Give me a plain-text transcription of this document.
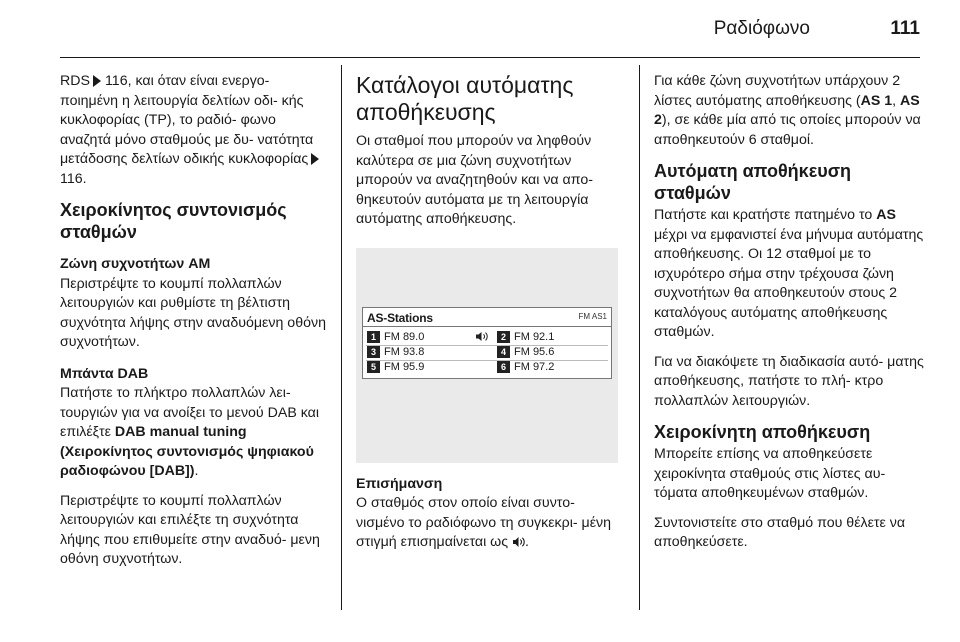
Ραδιόφωνο	111

RDS 116, και όταν είναι ενεργο- ποιημένη η λειτουργία δελτίων οδι- κής κυκλοφορίας (TP), το ραδιό- φωνο αναζητά μόνο σταθμούς με δυ- νατότητα μετάδοσης δελτίων οδικής κυκλοφορίας116.

Χειροκίνητος συντονισμός σταθμών

Ζώνη συχνοτήτων AM
Περιστρέψτε το κουμπί πολλαπλών λειτουργιών και ρυθμίστε τη βέλτιστη συχνότητα λήψης στην αναδυόμενη οθόνη συχνοτήτων.

Μπάντα DAB
Πατήστε το πλήκτρο πολλαπλών λει- τουργιών για να ανοίξει το μενού DAB και επιλέξτε DAB manual tuning (Χειροκίνητος συντονισμός ψηφιακού ραδιοφώνου [DAB]).

Περιστρέψτε το κουμπί πολλαπλών λειτουργιών και επιλέξτε τη συχνότητα λήψης που επιθυμείτε στην αναδυό- μενη οθόνη συχνοτήτων.

Κατάλογοι αυτόματης αποθήκευσης

Οι σταθμοί που μπορούν να ληφθούν καλύτερα σε μια ζώνη συχνοτήτων μπορούν να αναζητηθούν και να απο- θηκευτούν αυτόματα με τη λειτουργία αυτόματης αποθήκευσης.

AS-Stations	FM AS1
1 FM 89.0	2 FM 92.1
3 FM 93.8	4 FM 95.6
5 FM 95.9	6 FM 97.2

Επισήμανση
Ο σταθμός στον οποίο είναι συντο- νισμένο το ραδιόφωνο τη συγκεκρι- μένη στιγμή επισημαίνεται ως .

Για κάθε ζώνη συχνοτήτων υπάρχουν 2 λίστες αυτόματης αποθήκευσης (AS 1, AS 2), σε κάθε μία από τις οποίες μπορούν να αποθηκευτούν 6 σταθμοί.

Αυτόματη αποθήκευση σταθμών

Πατήστε και κρατήστε πατημένο το AS μέχρι να εμφανιστεί ένα μήνυμα αυτόματης αποθήκευσης. Οι 12 σταθμοί με το ισχυρότερο σήμα στην τρέχουσα ζώνη συχνοτήτων θα αποθηκευτούν στους 2 καταλόγους αυτόματης αποθήκευσης σταθμών.

Για να διακόψετε τη διαδικασία αυτό- ματης αποθήκευσης, πατήστε το πλή- κτρο πολλαπλών λειτουργιών.

Χειροκίνητη αποθήκευση

Μπορείτε επίσης να αποθηκεύσετε χειροκίνητα σταθμούς στις λίστες αυ- τόματα αποθηκευμένων σταθμών.

Συντονιστείτε στο σταθμό που θέλετε να αποθηκεύσετε.
